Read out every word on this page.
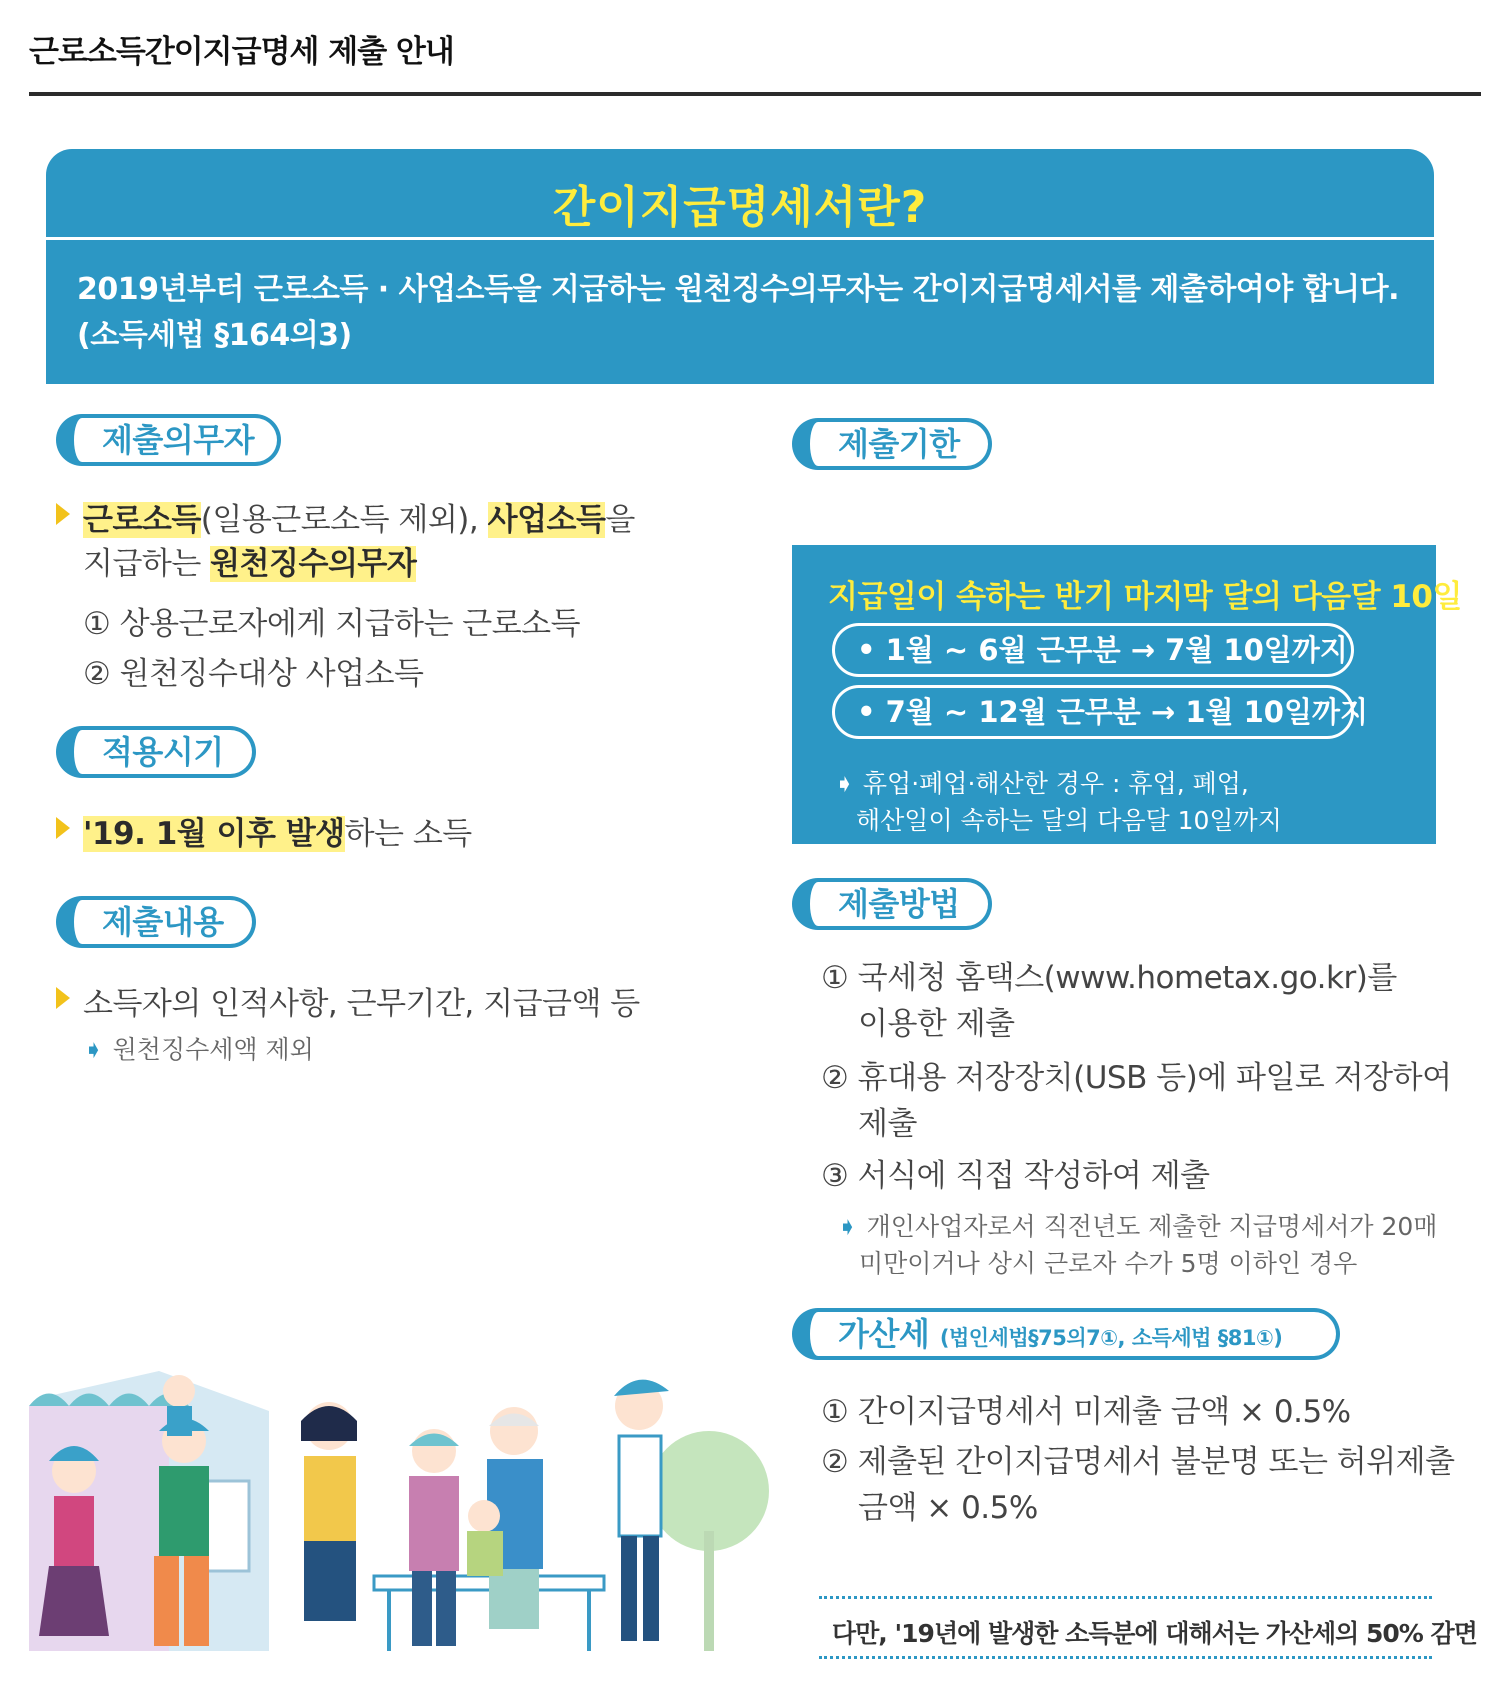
근로소득간이지급명세 제출 안내
간이지급명세서란?
2019년부터 근로소득 · 사업소득을 지급하는 원천징수의무자는 간이지급명세서를 제출하여야 합니다.
(소득세법 §164의3)
제출의무자
근로소득(일용근로소득 제외), 사업소득을
지급하는 원천징수의무자
① 상용근로자에게 지급하는 근로소득
② 원천징수대상 사업소득
적용시기
'19. 1월 이후 발생하는 소득
제출내용
소득자의 인적사항, 근무기간, 지급금액 등
➧ 원천징수세액 제외
제출기한
지급일이 속하는 반기 마지막 달의 다음달 10일
• 1월 ~ 6월 근무분 → 7월 10일까지
• 7월 ~ 12월 근무분 → 1월 10일까지
➧ 휴업·폐업·해산한 경우 : 휴업, 폐업,
해산일이 속하는 달의 다음달 10일까지
제출방법
① 국세청 홈택스(www.hometax.go.kr)를
이용한 제출
② 휴대용 저장장치(USB 등)에 파일로 저장하여
제출
③ 서식에 직접 작성하여 제출
➧ 개인사업자로서 직전년도 제출한 지급명세서가 20매
미만이거나 상시 근로자 수가 5명 이하인 경우
가산세 (법인세법§75의7①, 소득세법 §81①)
① 간이지급명세서 미제출 금액 × 0.5%
② 제출된 간이지급명세서 불분명 또는 허위제출
금액 × 0.5%
다만, '19년에 발생한 소득분에 대해서는 가산세의 50% 감면
